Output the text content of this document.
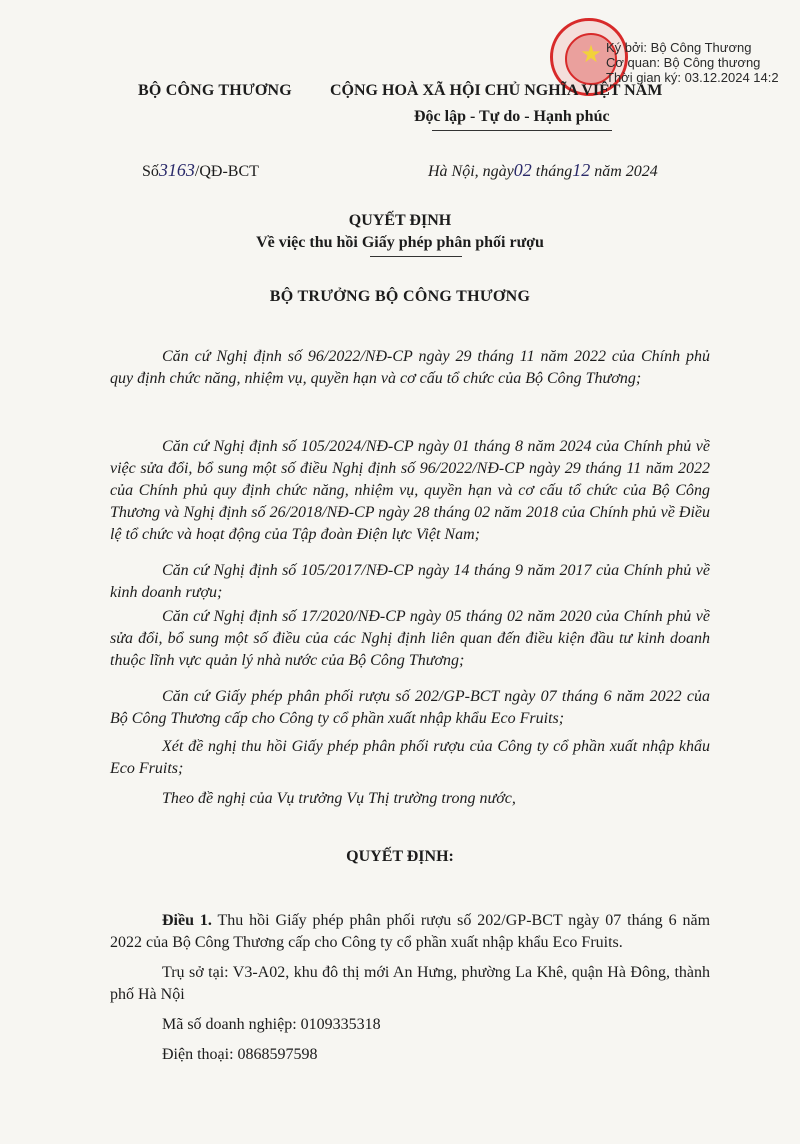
★ Ký bởi: Bộ Công Thương
Cơ quan: Bộ Công thương
Thời gian ký: 03.12.2024 14:2
BỘ CÔNG THƯƠNG CỘNG HOÀ XÃ HỘI CHỦ NGHĨA VIỆT NAM
Độc lập - Tự do - Hạnh phúc
Số3163/QĐ-BCT	Hà Nội, ngày02 tháng12 năm 2024
QUYẾT ĐỊNH
Về việc thu hồi Giấy phép phân phối rượu
BỘ TRƯỞNG BỘ CÔNG THƯƠNG
Căn cứ Nghị định số 96/2022/NĐ-CP ngày 29 tháng 11 năm 2022 của Chính phủ quy định chức năng, nhiệm vụ, quyền hạn và cơ cấu tổ chức của Bộ Công Thương;
Căn cứ Nghị định số 105/2024/NĐ-CP ngày 01 tháng 8 năm 2024 của Chính phủ về việc sửa đổi, bổ sung một số điều Nghị định số 96/2022/NĐ-CP ngày 29 tháng 11 năm 2022 của Chính phủ quy định chức năng, nhiệm vụ, quyền hạn và cơ cấu tổ chức của Bộ Công Thương và Nghị định số 26/2018/NĐ-CP ngày 28 tháng 02 năm 2018 của Chính phủ về Điều lệ tổ chức và hoạt động của Tập đoàn Điện lực Việt Nam;
Căn cứ Nghị định số 105/2017/NĐ-CP ngày 14 tháng 9 năm 2017 của Chính phủ về kinh doanh rượu;
Căn cứ Nghị định số 17/2020/NĐ-CP ngày 05 tháng 02 năm 2020 của Chính phủ về sửa đổi, bổ sung một số điều của các Nghị định liên quan đến điều kiện đầu tư kinh doanh thuộc lĩnh vực quản lý nhà nước của Bộ Công Thương;
Căn cứ Giấy phép phân phối rượu số 202/GP-BCT ngày 07 tháng 6 năm 2022 của Bộ Công Thương cấp cho Công ty cổ phần xuất nhập khẩu Eco Fruits;
Xét đề nghị thu hồi Giấy phép phân phối rượu của Công ty cổ phần xuất nhập khẩu Eco Fruits;
Theo đề nghị của Vụ trưởng Vụ Thị trường trong nước,
QUYẾT ĐỊNH:
Điều 1. Thu hồi Giấy phép phân phối rượu số 202/GP-BCT ngày 07 tháng 6 năm 2022 của Bộ Công Thương cấp cho Công ty cổ phần xuất nhập khẩu Eco Fruits.
Trụ sở tại: V3-A02, khu đô thị mới An Hưng, phường La Khê, quận Hà Đông, thành phố Hà Nội
Mã số doanh nghiệp: 0109335318
Điện thoại: 0868597598
